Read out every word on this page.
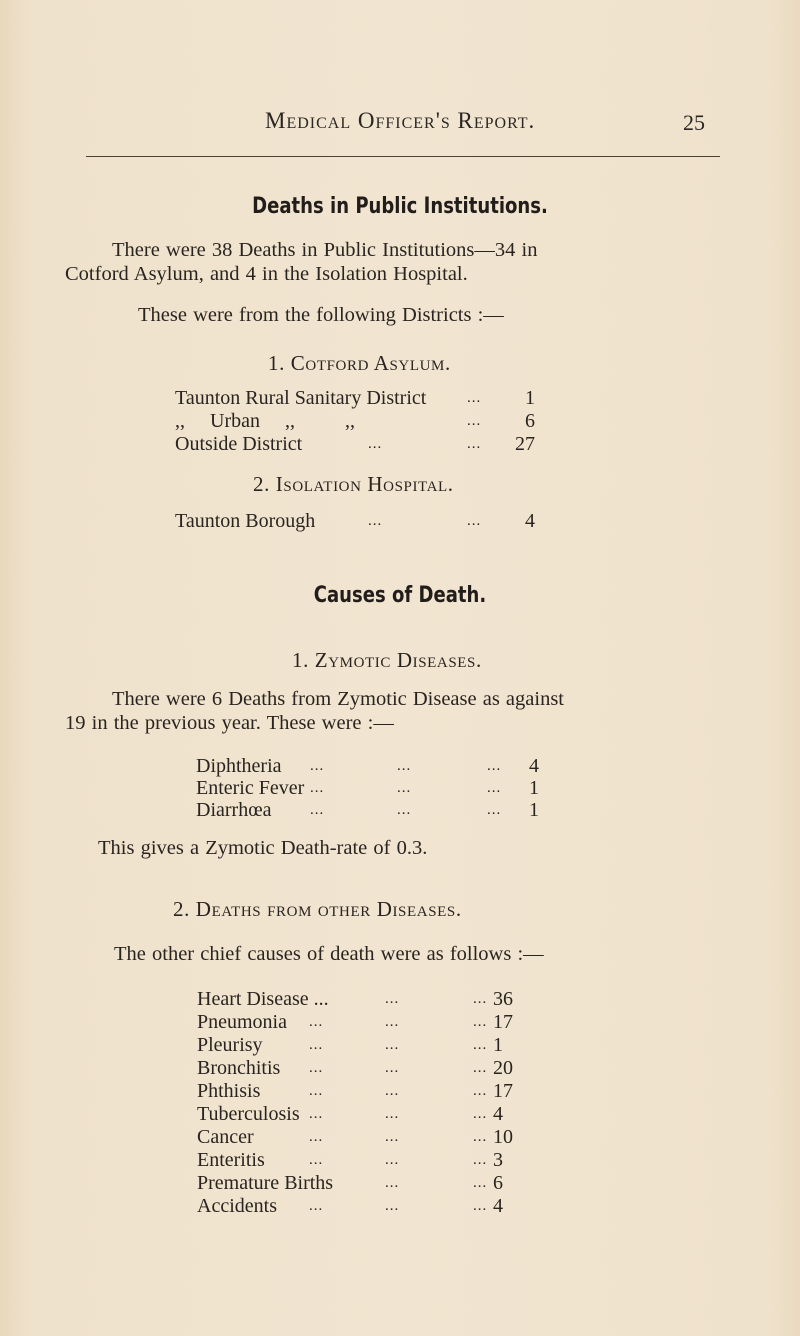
Medical Officer's Report.	25
Deaths in Public Institutions.
There were 38 Deaths in Public Institutions—34 in
Cotford Asylum, and 4 in the Isolation Hospital.
These were from the following Districts :—
1. Cotford Asylum.
Taunton Rural Sanitary District	...	1
,,     Urban     ,,          ,,	...	6
Outside District	...	...	27
2. Isolation Hospital.
Taunton Borough	...	...	4
Causes of Death.
1. Zymotic Diseases.
There were 6 Deaths from Zymotic Disease as against
19 in the previous year. These were :—
Diphtheria ...	...	...	4
Enteric Fever ...	...	...	1
Diarrhœa	...	...	...	1
This gives a Zymotic Death-rate of 0.3.
2. Deaths from other Diseases.
The other chief causes of death were as follows :—
Heart Disease ...	...	... 36
Pneumonia ...	...	... 17
Pleurisy	...	...	... 1
Bronchitis ...	...	... 20
Phthisis	...	...	... 17
Tuberculosis ...	...	... 4
Cancer	...	...	... 10
Enteritis	...	...	... 3
Premature Births	...	... 6
Accidents ...	...	... 4
